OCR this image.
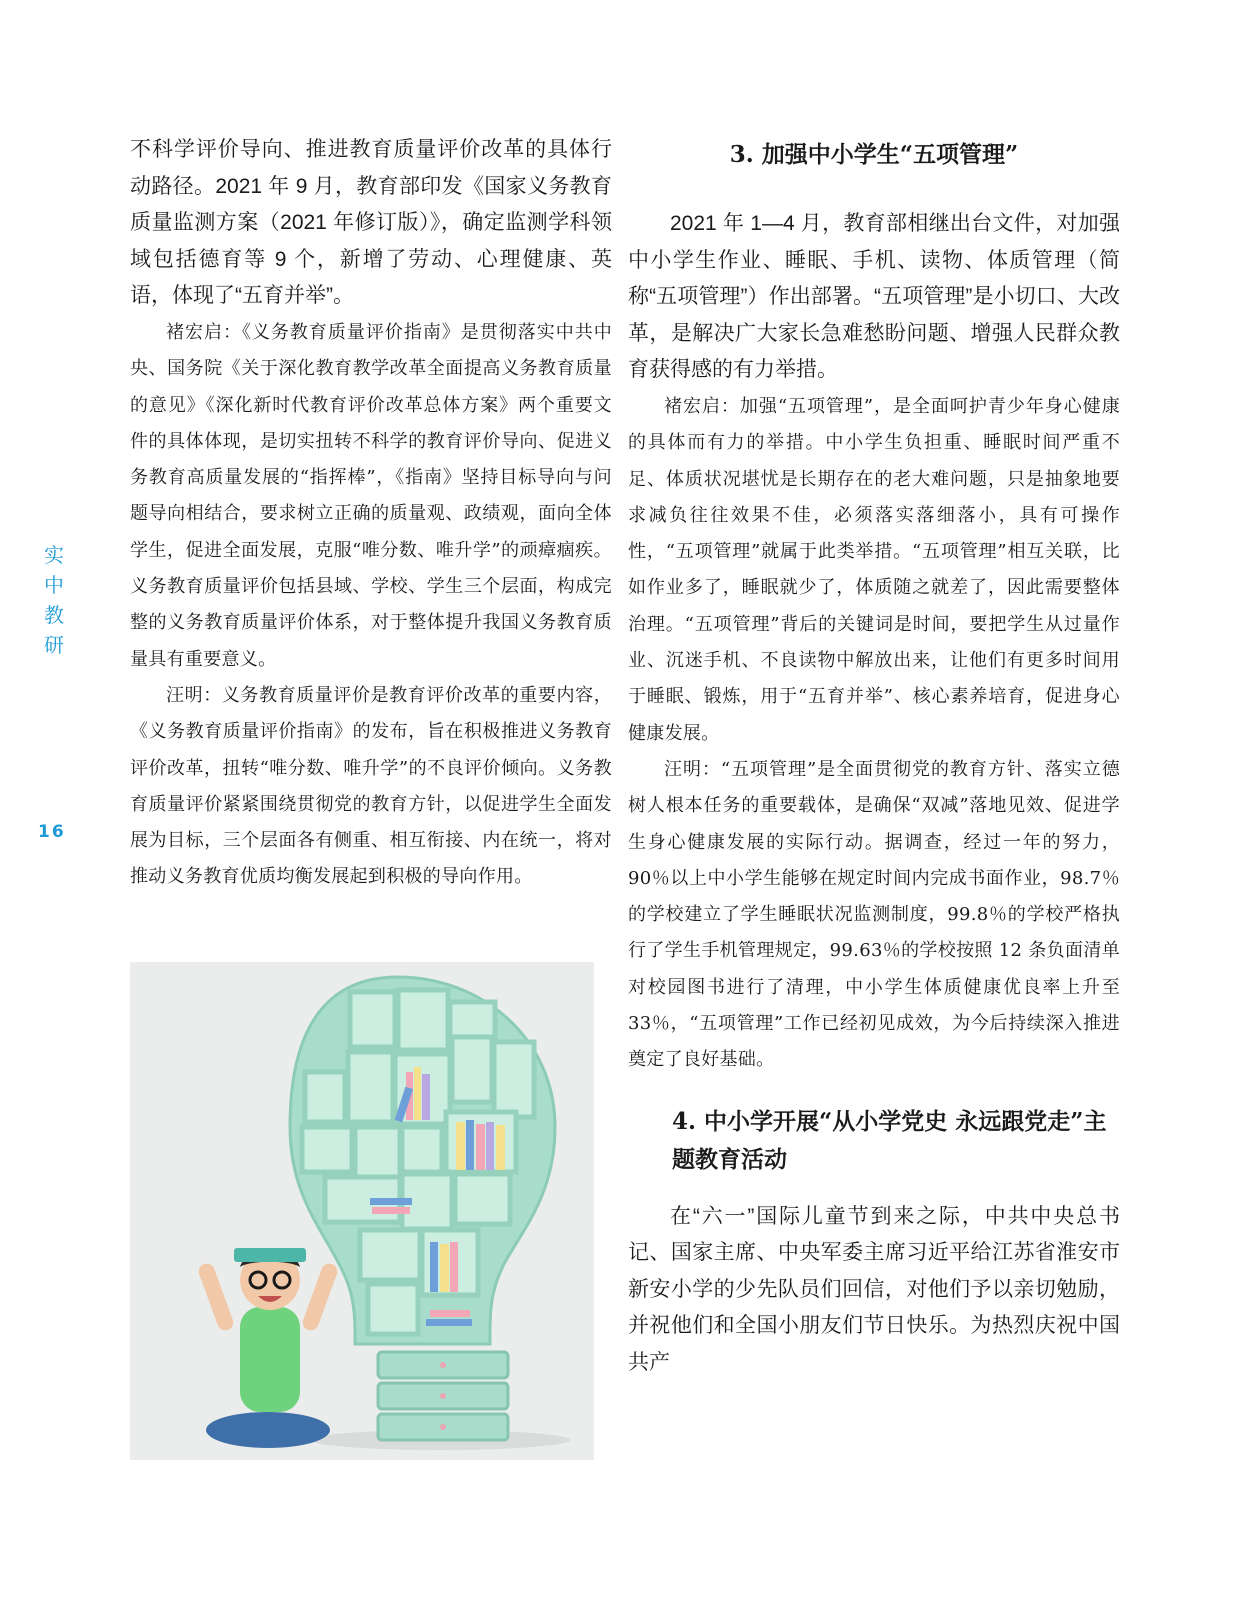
实
中
教
研
16

不科学评价导向、推进教育质量评价改革的具体行动路径。2021 年 9 月，教育部印发《国家义务教育质量监测方案（2021 年修订版）》，确定监测学科领域包括德育等 9 个，新增了劳动、心理健康、英语，体现了“五育并举”。

褚宏启：《义务教育质量评价指南》是贯彻落实中共中央、国务院《关于深化教育教学改革全面提高义务教育质量的意见》《深化新时代教育评价改革总体方案》两个重要文件的具体体现，是切实扭转不科学的教育评价导向、促进义务教育高质量发展的“指挥棒”，《指南》坚持目标导向与问题导向相结合，要求树立正确的质量观、政绩观，面向全体学生，促进全面发展，克服“唯分数、唯升学”的顽瘴痼疾。义务教育质量评价包括县域、学校、学生三个层面，构成完整的义务教育质量评价体系，对于整体提升我国义务教育质量具有重要意义。

汪明：义务教育质量评价是教育评价改革的重要内容，《义务教育质量评价指南》的发布，旨在积极推进义务教育评价改革，扭转“唯分数、唯升学”的不良评价倾向。义务教育质量评价紧紧围绕贯彻党的教育方针，以促进学生全面发展为目标，三个层面各有侧重、相互衔接、内在统一，将对推动义务教育优质均衡发展起到积极的导向作用。

3. 加强中小学生“五项管理”

2021 年 1—4 月，教育部相继出台文件，对加强中小学生作业、睡眠、手机、读物、体质管理（简称“五项管理”）作出部署。“五项管理”是小切口、大改革，是解决广大家长急难愁盼问题、增强人民群众教育获得感的有力举措。

褚宏启：加强“五项管理”，是全面呵护青少年身心健康的具体而有力的举措。中小学生负担重、睡眠时间严重不足、体质状况堪忧是长期存在的老大难问题，只是抽象地要求减负往往效果不佳，必须落实落细落小，具有可操作性，“五项管理”就属于此类举措。“五项管理”相互关联，比如作业多了，睡眠就少了，体质随之就差了，因此需要整体治理。“五项管理”背后的关键词是时间，要把学生从过量作业、沉迷手机、不良读物中解放出来，让他们有更多时间用于睡眠、锻炼，用于“五育并举”、核心素养培育，促进身心健康发展。

汪明：“五项管理”是全面贯彻党的教育方针、落实立德树人根本任务的重要载体，是确保“双减”落地见效、促进学生身心健康发展的实际行动。据调查，经过一年的努力，90％以上中小学生能够在规定时间内完成书面作业，98.7％的学校建立了学生睡眠状况监测制度，99.8％的学校严格执行了学生手机管理规定，99.63％的学校按照 12 条负面清单对校园图书进行了清理，中小学生体质健康优良率上升至 33％，“五项管理”工作已经初见成效，为今后持续深入推进奠定了良好基础。

4. 中小学开展“从小学党史 永远跟党走”主题教育活动

在“六一”国际儿童节到来之际，中共中央总书记、国家主席、中央军委主席习近平给江苏省淮安市新安小学的少先队员们回信，对他们予以亲切勉励，并祝他们和全国小朋友们节日快乐。为热烈庆祝中国共产
